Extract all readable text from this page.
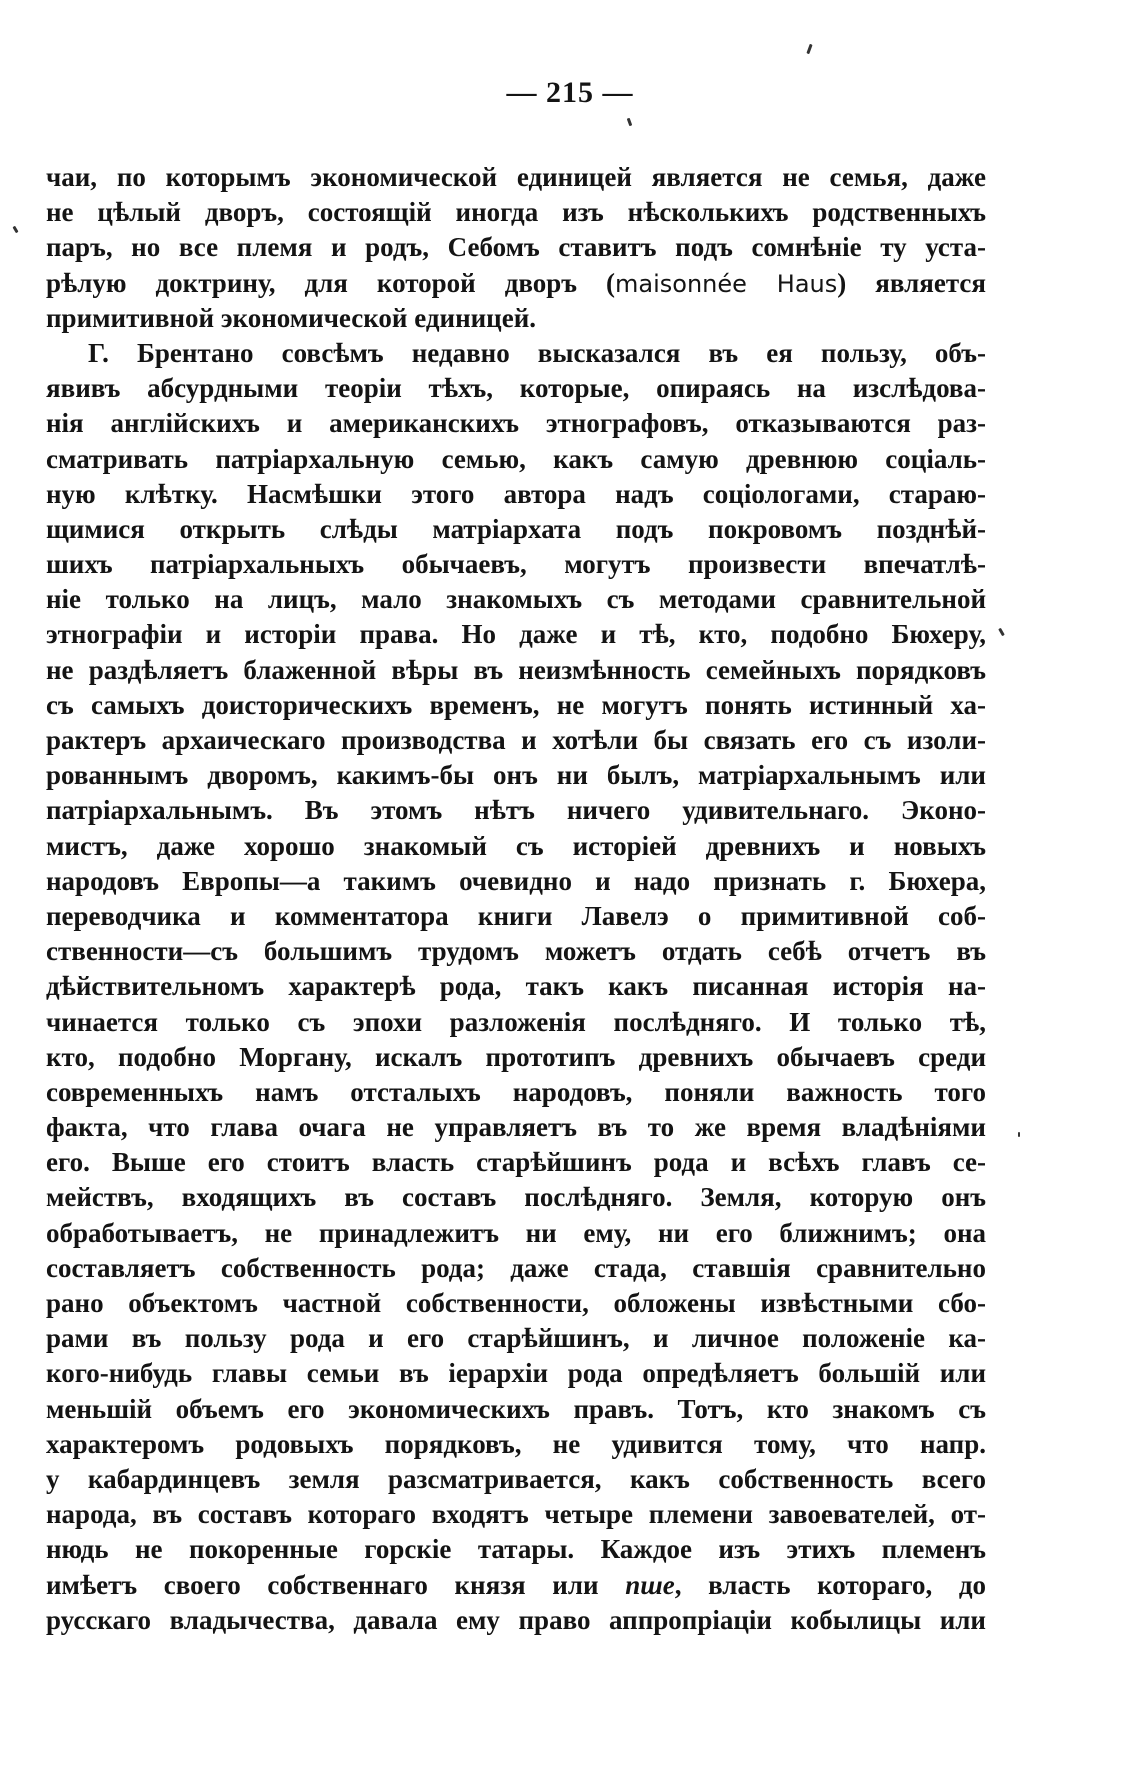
— 215 —
чаи, по которымъ экономической единицей является не семья, даже
не цѣлый дворъ, состоящій иногда изъ нѣсколькихъ родственныхъ
паръ, но все племя и родъ, Себомъ ставитъ подъ сомнѣніе ту уста-
рѣлую доктрину, для которой дворъ (maisonnée Haus) является
примитивной экономической единицей.
Г. Брентано совсѣмъ недавно высказался въ ея пользу, объ-
явивъ абсурдными теоріи тѣхъ, которые, опираясь на изслѣдова-
нія англійскихъ и американскихъ этнографовъ, отказываются раз-
сматривать патріархальную семью, какъ самую древнюю соціаль-
ную клѣтку. Насмѣшки этого автора надъ соціологами, стараю-
щимися открыть слѣды матріархата подъ покровомъ позднѣй-
шихъ патріархальныхъ обычаевъ, могутъ произвести впечатлѣ-
ніе только на лицъ, мало знакомыхъ съ методами сравнительной
этнографіи и исторіи права. Но даже и тѣ, кто, подобно Бюхеру,
не раздѣляетъ блаженной вѣры въ неизмѣнность семейныхъ порядковъ
съ самыхъ доисторическихъ временъ, не могутъ понять истинный ха-
рактеръ архаическаго производства и хотѣли бы связать его съ изоли-
рованнымъ дворомъ, какимъ-бы онъ ни былъ, матріархальнымъ или
патріархальнымъ. Въ этомъ нѣтъ ничего удивительнаго. Эконо-
мистъ, даже хорошо знакомый съ исторіей древнихъ и новыхъ
народовъ Европы—а такимъ очевидно и надо признать г. Бюхера,
переводчика и комментатора книги Лавелэ о примитивной соб-
ственности—съ большимъ трудомъ можетъ отдать себѣ отчетъ въ
дѣйствительномъ характерѣ рода, такъ какъ писанная исторія на-
чинается только съ эпохи разложенія послѣдняго. И только тѣ,
кто, подобно Моргану, искалъ прототипъ древнихъ обычаевъ среди
современныхъ намъ отсталыхъ народовъ, поняли важность того
факта, что глава очага не управляетъ въ то же время владѣніями
его. Выше его стоитъ власть старѣйшинъ рода и всѣхъ главъ се-
мействъ, входящихъ въ составъ послѣдняго. Земля, которую онъ
обработываетъ, не принадлежитъ ни ему, ни его ближнимъ; она
составляетъ собственность рода; даже стада, ставшія сравнительно
рано объектомъ частной собственности, обложены извѣстными сбо-
рами въ пользу рода и его старѣйшинъ, и личное положеніе ка-
кого-нибудь главы семьи въ іерархіи рода опредѣляетъ большій или
меньшій объемъ его экономическихъ правъ. Тотъ, кто знакомъ съ
характеромъ родовыхъ порядковъ, не удивится тому, что напр.
у кабардинцевъ земля разсматривается, какъ собственность всего
народа, въ составъ котораго входятъ четыре племени завоевателей, от-
нюдь не покоренные горскіе татары. Каждое изъ этихъ племенъ
имѣетъ своего собственнаго князя или пше, власть котораго, до
русскаго владычества, давала ему право аппропріаціи кобылицы или
